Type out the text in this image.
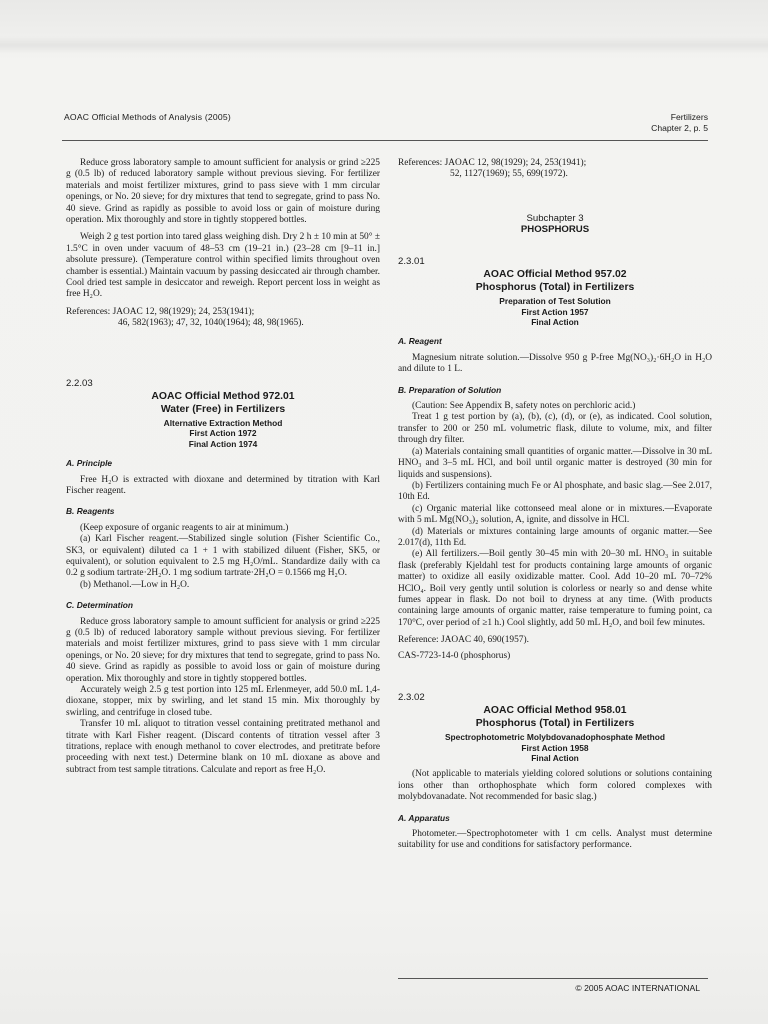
AOAC Official Methods of Analysis (2005)	Fertilizers
Chapter 2, p. 5

Reduce gross laboratory sample to amount sufficient for analysis or grind ≥225 g (0.5 lb) of reduced laboratory sample without previous sieving. For fertilizer materials and moist fertilizer mixtures, grind to pass sieve with 1 mm circular openings, or No. 20 sieve; for dry mixtures that tend to segregate, grind to pass No. 40 sieve. Grind as rapidly as possible to avoid loss or gain of moisture during operation. Mix thoroughly and store in tightly stoppered bottles.

Weigh 2 g test portion into tared glass weighing dish. Dry 2 h ± 10 min at 50° ± 1.5°C in oven under vacuum of 48–53 cm (19–21 in.) (23–28 cm [9–11 in.] absolute pressure). (Temperature control within specified limits throughout oven chamber is essential.) Maintain vacuum by passing desiccated air through chamber. Cool dried test sample in desiccator and reweigh. Report percent loss in weight as free H₂O.

References: JAOAC 12, 98(1929); 24, 253(1941);

46, 582(1963); 47, 32, 1040(1964); 48, 98(1965).

2.2.03
AOAC Official Method 972.01
Water (Free) in Fertilizers
Alternative Extraction Method
First Action 1972
Final Action 1974
A. Principle

Free H₂O is extracted with dioxane and determined by titration with Karl Fischer reagent.

B. Reagents

(Keep exposure of organic reagents to air at minimum.)

(a) Karl Fischer reagent.—Stabilized single solution (Fisher Scientific Co., SK3, or equivalent) diluted ca 1 + 1 with stabilized diluent (Fisher, SK5, or equivalent), or solution equivalent to 2.5 mg H₂O/mL. Standardize daily with ca 0.2 g sodium tartrate·2H₂O. 1 mg sodium tartrate·2H₂O = 0.1566 mg H₂O.

(b) Methanol.—Low in H₂O.

C. Determination

Reduce gross laboratory sample to amount sufficient for analysis or grind ≥225 g (0.5 lb) of reduced laboratory sample without previous sieving. For fertilizer materials and moist fertilizer mixtures, grind to pass sieve with 1 mm circular openings, or No. 20 sieve; for dry mixtures that tend to segregate, grind to pass No. 40 sieve. Grind as rapidly as possible to avoid loss or gain of moisture during operation. Mix thoroughly and store in tightly stoppered bottles.

Accurately weigh 2.5 g test portion into 125 mL Erlenmeyer, add 50.0 mL 1,4-dioxane, stopper, mix by swirling, and let stand 15 min. Mix thoroughly by swirling, and centrifuge in closed tube.

Transfer 10 mL aliquot to titration vessel containing pretitrated methanol and titrate with Karl Fisher reagent. (Discard contents of titration vessel after 3 titrations, replace with enough methanol to cover electrodes, and pretitrate before proceeding with next test.) Determine blank on 10 mL dioxane as above and subtract from test sample titrations. Calculate and report as free H₂O.

References: JAOAC 12, 98(1929); 24, 253(1941);

52, 1127(1969); 55, 699(1972).

Subchapter 3
PHOSPHORUS
2.3.01
AOAC Official Method 957.02
Phosphorus (Total) in Fertilizers
Preparation of Test Solution
First Action 1957
Final Action
A. Reagent

Magnesium nitrate solution.—Dissolve 950 g P-free Mg(NO₃)₂·6H₂O in H₂O and dilute to 1 L.

B. Preparation of Solution

(Caution: See Appendix B, safety notes on perchloric acid.)

Treat 1 g test portion by (a), (b), (c), (d), or (e), as indicated. Cool solution, transfer to 200 or 250 mL volumetric flask, dilute to volume, mix, and filter through dry filter.

(a) Materials containing small quantities of organic matter.—Dissolve in 30 mL HNO₃ and 3–5 mL HCl, and boil until organic matter is destroyed (30 min for liquids and suspensions).

(b) Fertilizers containing much Fe or Al phosphate, and basic slag.—See 2.017, 10th Ed.

(c) Organic material like cottonseed meal alone or in mixtures.—Evaporate with 5 mL Mg(NO₃)₂ solution, A, ignite, and dissolve in HCl.

(d) Materials or mixtures containing large amounts of organic matter.—See 2.017(d), 11th Ed.

(e) All fertilizers.—Boil gently 30–45 min with 20–30 mL HNO₃ in suitable flask (preferably Kjeldahl test for products containing large amounts of organic matter) to oxidize all easily oxidizable matter. Cool. Add 10–20 mL 70–72% HClO₄. Boil very gently until solution is colorless or nearly so and dense white fumes appear in flask. Do not boil to dryness at any time. (With products containing large amounts of organic matter, raise temperature to fuming point, ca 170°C, over period of ≥1 h.) Cool slightly, add 50 mL H₂O, and boil few minutes.

Reference: JAOAC 40, 690(1957).

CAS-7723-14-0 (phosphorus)

2.3.02
AOAC Official Method 958.01
Phosphorus (Total) in Fertilizers
Spectrophotometric Molybdovanadophosphate Method
First Action 1958
Final Action

(Not applicable to materials yielding colored solutions or solutions containing ions other than orthophosphate which form colored complexes with molybdovanadate. Not recommended for basic slag.)

A. Apparatus

Photometer.—Spectrophotometer with 1 cm cells. Analyst must determine suitability for use and conditions for satisfactory performance.

© 2005 AOAC INTERNATIONAL
